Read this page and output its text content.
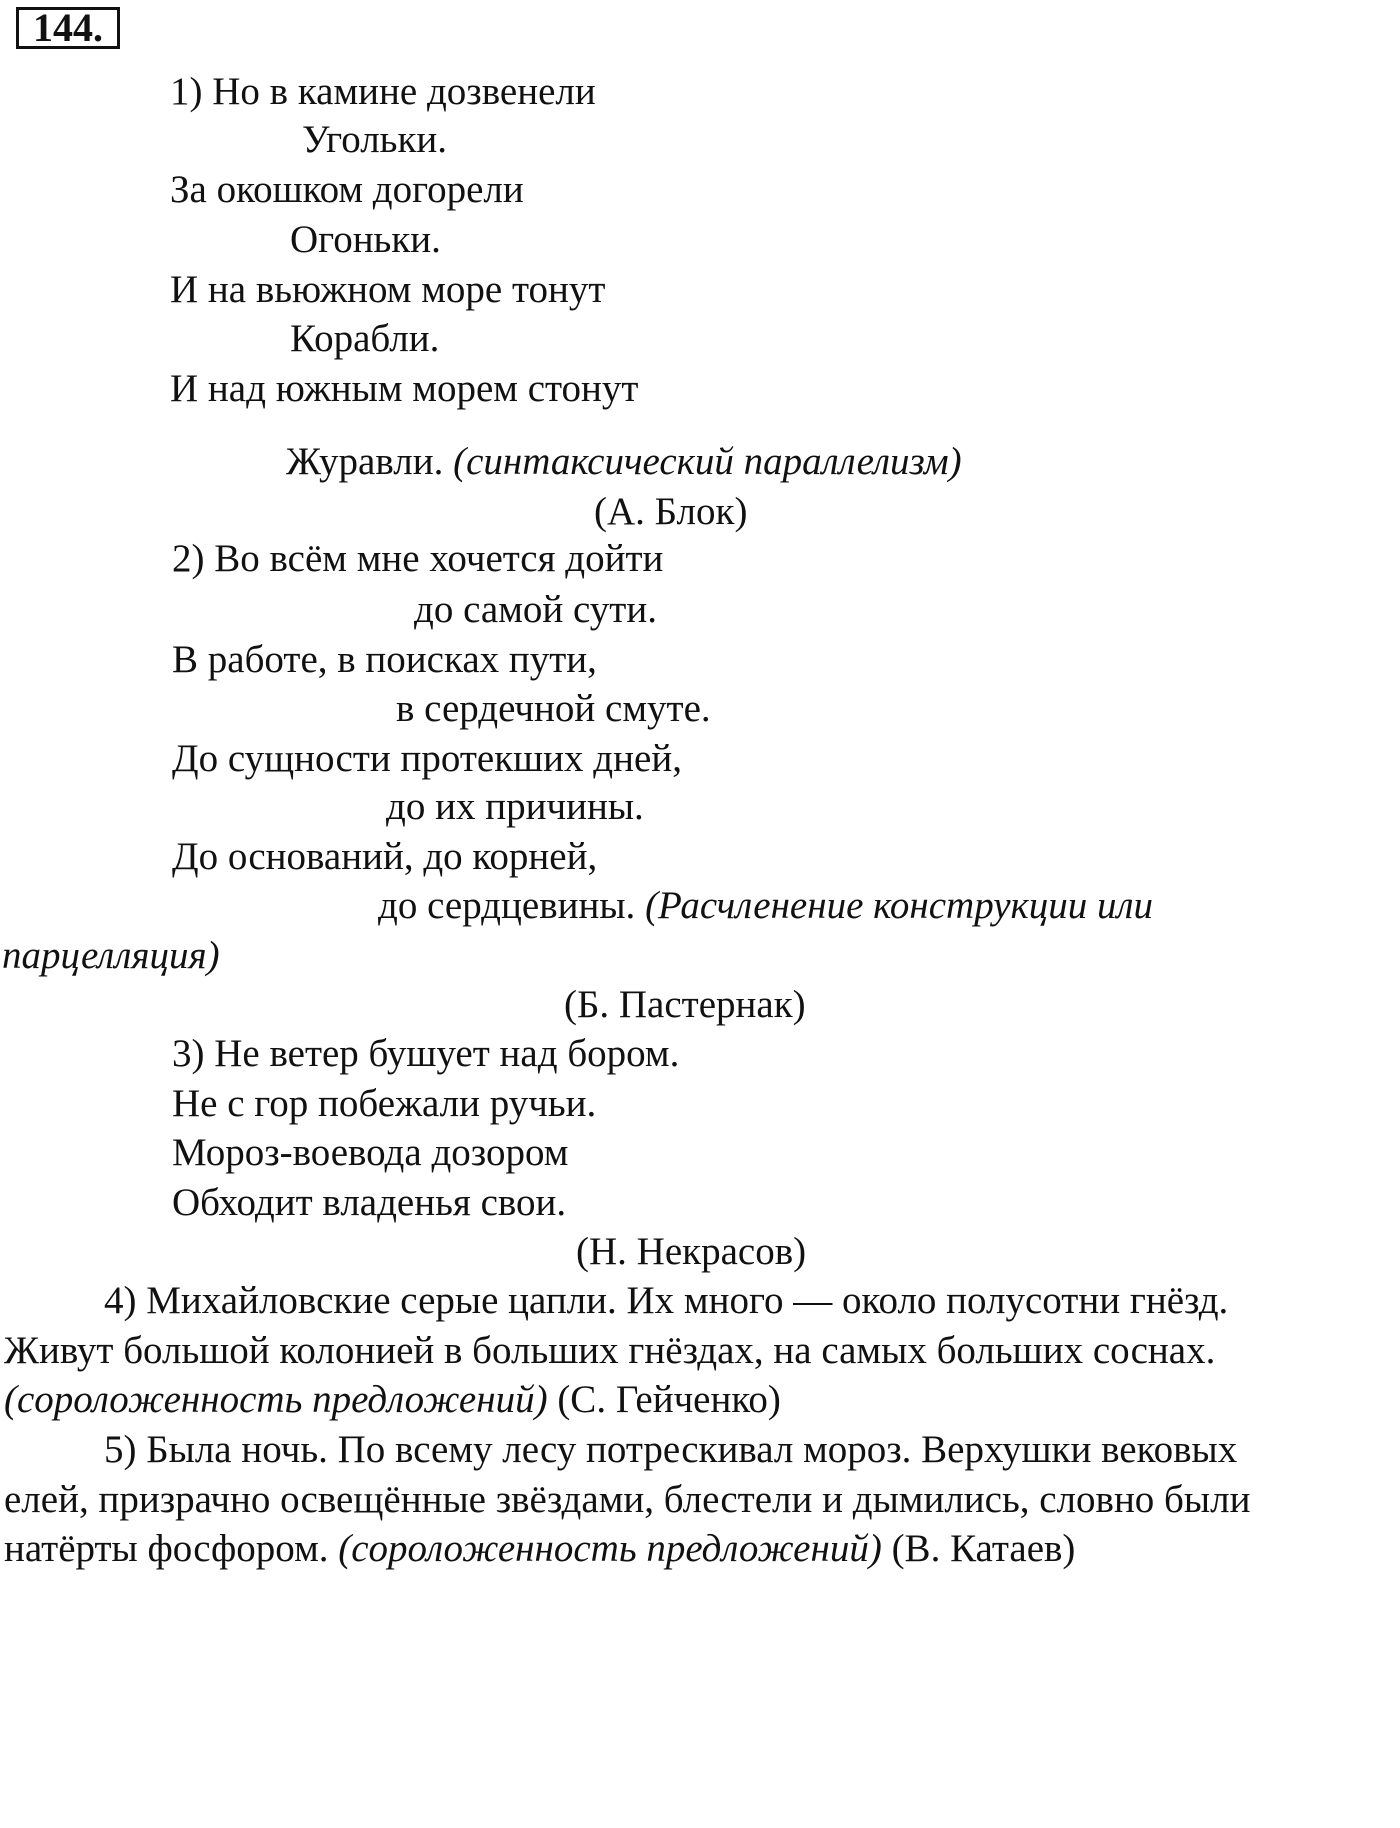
144.
1) Но в камине дозвенели
Угольки.
За окошком догорели
Огоньки.
И на вьюжном море тонут
Корабли.
И над южным морем стонут
Журавли. (синтаксический параллелизм)
(А. Блок)
2) Во всём мне хочется дойти
до самой сути.
В работе, в поисках пути,
в сердечной смуте.
До сущности протекших дней,
до их причины.
До оснований, до корней,
до сердцевины. (Расчленение конструкции или
парцелляция)
(Б. Пастернак)
3) Не ветер бушует над бором.
Не с гор побежали ручьи.
Мороз-воевода дозором
Обходит владенья свои.
(Н. Некрасов)
4) Михайловские серые цапли. Их много — около полусотни гнёзд.
Живут большой колонией в больших гнёздах, на самых больших соснах.
(сopоложенность предложений) (С. Гейченко)
5) Была ночь. По всему лесу потрескивал мороз. Верхушки вековых
елей, призрачно освещённые звёздами, блестели и дымились, словно были
натёрты фосфором. (сopоложенность предложений) (В. Катаев)
